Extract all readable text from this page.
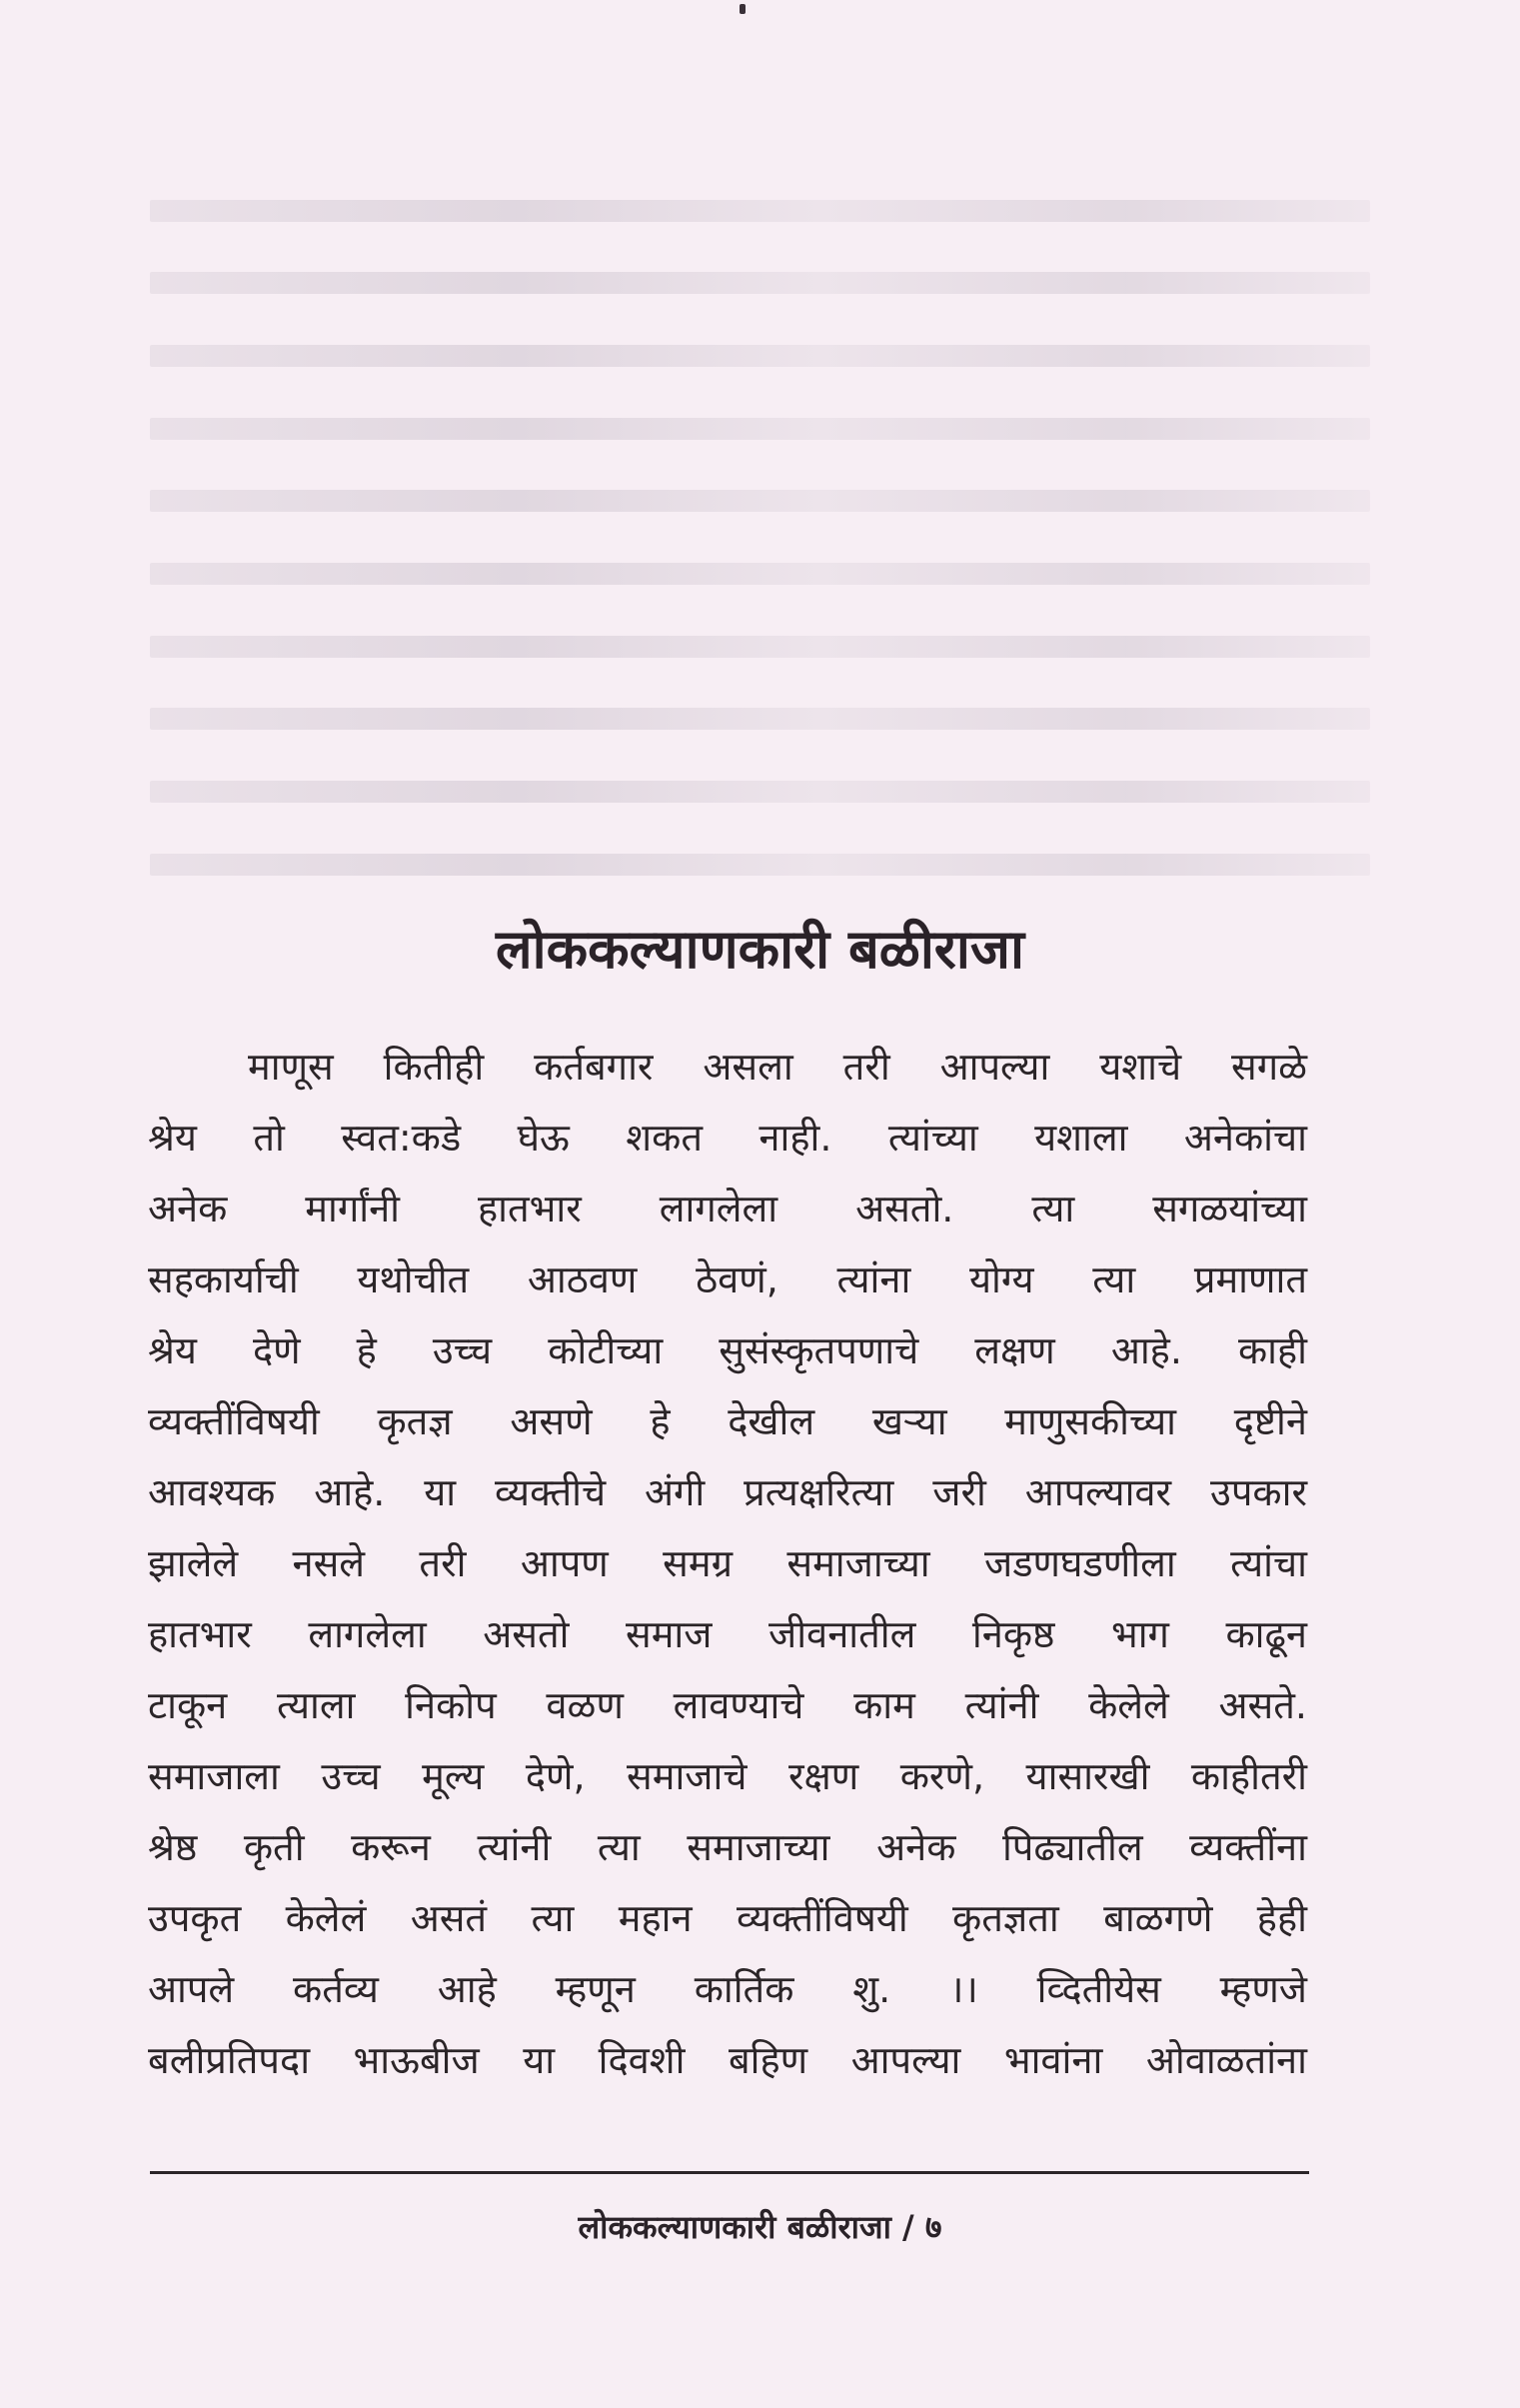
लोककल्याणकारी बळीराजा
माणूस कितीही कर्तबगार असला तरी आपल्या यशाचे सगळे
श्रेय तो स्वत:कडे घेऊ शकत नाही. त्यांच्या यशाला अनेकांचा
अनेक मार्गांनी हातभार लागलेला असतो. त्या सगळयांच्या
सहकार्याची यथोचीत आठवण ठेवणं, त्यांना योग्य त्या प्रमाणात
श्रेय देणे हे उच्च कोटीच्या सुसंस्कृतपणाचे लक्षण आहे. काही
व्यक्तींविषयी कृतज्ञ असणे हे देखील खऱ्या माणुसकीच्या दृष्टीने
आवश्यक आहे. या व्यक्तीचे अंगी प्रत्यक्षरित्या जरी आपल्यावर उपकार
झालेले नसले तरी आपण समग्र समाजाच्या जडणघडणीला त्यांचा
हातभार लागलेला असतो समाज जीवनातील निकृष्ठ भाग काढून
टाकून त्याला निकोप वळण लावण्याचे काम त्यांनी केलेले असते.
समाजाला उच्च मूल्य देणे, समाजाचे रक्षण करणे, यासारखी काहीतरी
श्रेष्ठ कृती करून त्यांनी त्या समाजाच्या अनेक पिढ्यातील व्यक्तींना
उपकृत केलेलं असतं त्या महान व्यक्तींविषयी कृतज्ञता बाळगणे हेही
आपले कर्तव्य आहे म्हणून कार्तिक शु. ।। व्दितीयेस म्हणजे
बलीप्रतिपदा भाऊबीज या दिवशी बहिण आपल्या भावांना ओवाळतांना

लोककल्याणकारी बळीराजा / ७
